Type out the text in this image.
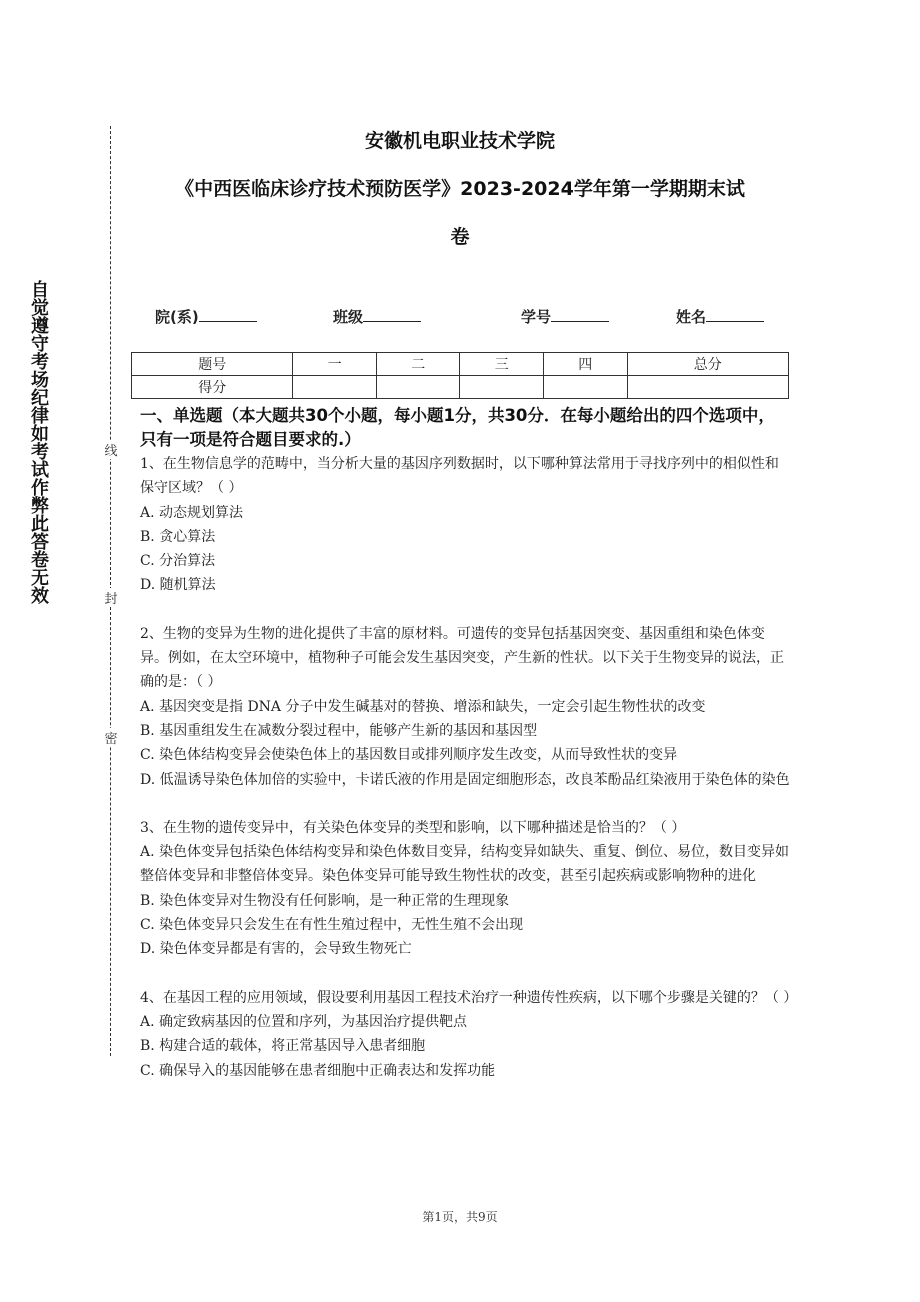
自觉遵守考场纪律如考试作弊此答卷无效	线
封
密
安徽机电职业技术学院
《中西医临床诊疗技术预防医学》2023-2024学年第一学期期末试
卷
院(系)	班级	学号	姓名
题号	一	二	三	四	总分
得分					
一、单选题（本大题共30个小题，每小题1分，共30分．在每小题给出的四个选项中，只有一项是符合题目要求的.）

1、在生物信息学的范畴中，当分析大量的基因序列数据时，以下哪种算法常用于寻找序列中的相似性和保守区域？（ ）

A. 动态规划算法

B. 贪心算法

C. 分治算法

D. 随机算法

2、生物的变异为生物的进化提供了丰富的原材料。可遗传的变异包括基因突变、基因重组和染色体变异。例如，在太空环境中，植物种子可能会发生基因突变，产生新的性状。以下关于生物变异的说法，正确的是：（ ）

A. 基因突变是指 DNA 分子中发生碱基对的替换、增添和缺失，一定会引起生物性状的改变

B. 基因重组发生在减数分裂过程中，能够产生新的基因和基因型

C. 染色体结构变异会使染色体上的基因数目或排列顺序发生改变，从而导致性状的变异

D. 低温诱导染色体加倍的实验中，卡诺氏液的作用是固定细胞形态，改良苯酚品红染液用于染色体的染色

3、在生物的遗传变异中，有关染色体变异的类型和影响，以下哪种描述是恰当的？（ ）

A. 染色体变异包括染色体结构变异和染色体数目变异，结构变异如缺失、重复、倒位、易位，数目变异如整倍体变异和非整倍体变异。染色体变异可能导致生物性状的改变，甚至引起疾病或影响物种的进化

B. 染色体变异对生物没有任何影响，是一种正常的生理现象

C. 染色体变异只会发生在有性生殖过程中，无性生殖不会出现

D. 染色体变异都是有害的，会导致生物死亡

4、在基因工程的应用领域，假设要利用基因工程技术治疗一种遗传性疾病，以下哪个步骤是关键的？（ ）

A. 确定致病基因的位置和序列，为基因治疗提供靶点

B. 构建合适的载体，将正常基因导入患者细胞

C. 确保导入的基因能够在患者细胞中正确表达和发挥功能

第1页，共9页
